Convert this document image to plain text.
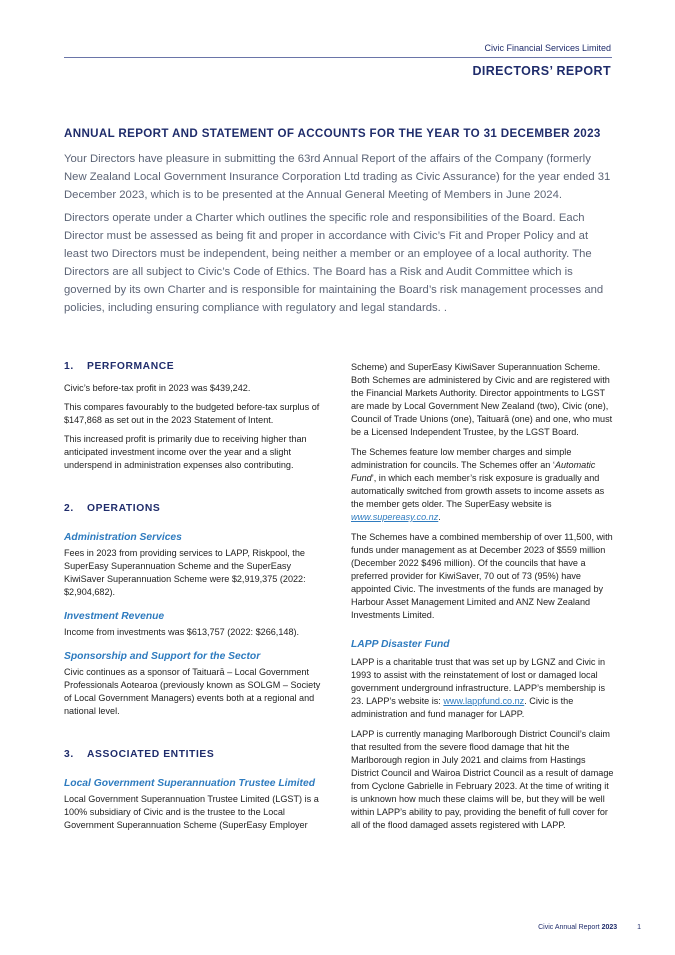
Civic Financial Services Limited
DIRECTORS’ REPORT
ANNUAL REPORT AND STATEMENT OF ACCOUNTS FOR THE YEAR TO 31 DECEMBER 2023

Your Directors have pleasure in submitting the 63rd Annual Report of the affairs of the Company (formerly New Zealand Local Government Insurance Corporation Ltd trading as Civic Assurance) for the year ended 31 December 2023, which is to be presented at the Annual General Meeting of Members in June 2024.

Directors operate under a Charter which outlines the specific role and responsibilities of the Board. Each Director must be assessed as being fit and proper in accordance with Civic’s Fit and Proper Policy and at least two Directors must be independent, being neither a member or an employee of a local authority. The Directors are all subject to Civic’s Code of Ethics. The Board has a Risk and Audit Committee which is governed by its own Charter and is responsible for maintaining the Board’s risk management processes and policies, including ensuring compliance with regulatory and legal standards. .

1. PERFORMANCE

Civic’s before-tax profit in 2023 was $439,242.

This compares favourably to the budgeted before-tax surplus of $147,868 as set out in the 2023 Statement of Intent.

This increased profit is primarily due to receiving higher than anticipated investment income over the year and a slight underspend in administration expenses also contributing.

2. OPERATIONS

Administration Services

Fees in 2023 from providing services to LAPP, Riskpool, the SuperEasy Superannuation Scheme and the SuperEasy KiwiSaver Superannuation Scheme were $2,919,375 (2022: $2,904,682).

Investment Revenue

Income from investments was $613,757 (2022: $266,148).

Sponsorship and Support for the Sector

Civic continues as a sponsor of Taituarā – Local Government Professionals Aotearoa (previously known as SOLGM – Society of Local Government Managers) events both at a regional and national level.

3. ASSOCIATED ENTITIES

Local Government Superannuation Trustee Limited

Local Government Superannuation Trustee Limited (LGST) is a 100% subsidiary of Civic and is the trustee to the Local Government Superannuation Scheme (SuperEasy Employer

Scheme) and SuperEasy KiwiSaver Superannuation Scheme. Both Schemes are administered by Civic and are registered with the Financial Markets Authority. Director appointments to LGST are made by Local Government New Zealand (two), Civic (one), Council of Trade Unions (one), Taituarā (one) and one, who must be a Licensed Independent Trustee, by the LGST Board.

The Schemes feature low member charges and simple administration for councils. The Schemes offer an ‘Automatic Fund’, in which each member’s risk exposure is gradually and automatically switched from growth assets to income assets as the member gets older. The SuperEasy website is www.supereasy.co.nz.

The Schemes have a combined membership of over 11,500, with funds under management as at December 2023 of $559 million (December 2022 $496 million). Of the councils that have a preferred provider for KiwiSaver, 70 out of 73 (95%) have appointed Civic. The investments of the funds are managed by Harbour Asset Management Limited and ANZ New Zealand Investments Limited.

LAPP Disaster Fund

LAPP is a charitable trust that was set up by LGNZ and Civic in 1993 to assist with the reinstatement of lost or damaged local government underground infrastructure. LAPP’s membership is 23. LAPP’s website is: www.lappfund.co.nz. Civic is the administration and fund manager for LAPP.

LAPP is currently managing Marlborough District Council’s claim that resulted from the severe flood damage that hit the Marlborough region in July 2021 and claims from Hastings District Council and Wairoa District Council as a result of damage from Cyclone Gabrielle in February 2023. At the time of writing it is unknown how much these claims will be, but they will be well within LAPP’s ability to pay, providing the benefit of full cover for all of the flood damaged assets registered with LAPP.

Civic Annual Report 2023	1
